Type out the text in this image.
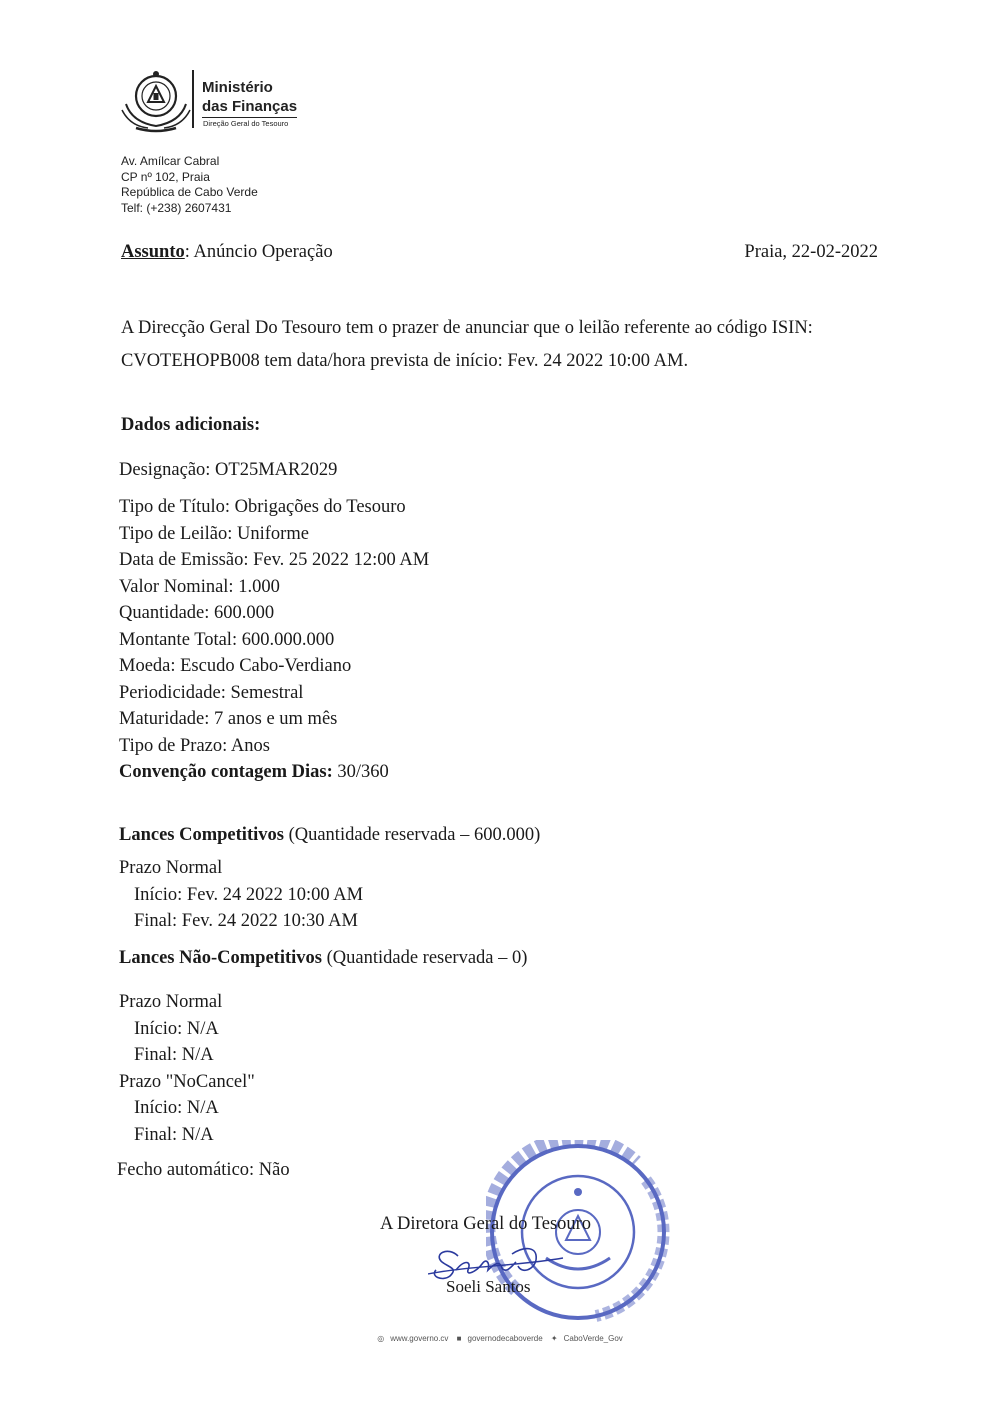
Ministério
das Finanças
Direção Geral do Tesouro
Av. Amílcar Cabral
CP nº 102, Praia
República de Cabo Verde
Telf: (+238) 2607431
Assunto: Anúncio Operação	Praia, 22-02-2022
A Direcção Geral Do Tesouro tem o prazer de anunciar que o leilão referente ao código ISIN: CVOTEHOPB008 tem data/hora prevista de início: Fev. 24 2022 10:00 AM.
Dados adicionais:
Designação: OT25MAR2029
Tipo de Título: Obrigações do Tesouro
Tipo de Leilão: Uniforme
Data de Emissão: Fev. 25 2022 12:00 AM
Valor Nominal: 1.000
Quantidade: 600.000
Montante Total: 600.000.000
Moeda: Escudo Cabo-Verdiano
Periodicidade: Semestral
Maturidade: 7 anos e um mês
Tipo de Prazo: Anos
Convenção contagem Dias: 30/360
Lances Competitivos (Quantidade reservada – 600.000)
Prazo Normal
Início: Fev. 24 2022 10:00 AM
Final: Fev. 24 2022 10:30 AM
Lances Não-Competitivos (Quantidade reservada – 0)
Prazo Normal
Início: N/A
Final: N/A
Prazo "NoCancel"
Início: N/A
Final: N/A
Fecho automático: Não
A Diretora Geral do Tesouro
Soeli Santos
◎ www.governo.cv ■ governodecaboverde ✦ CaboVerde_Gov
